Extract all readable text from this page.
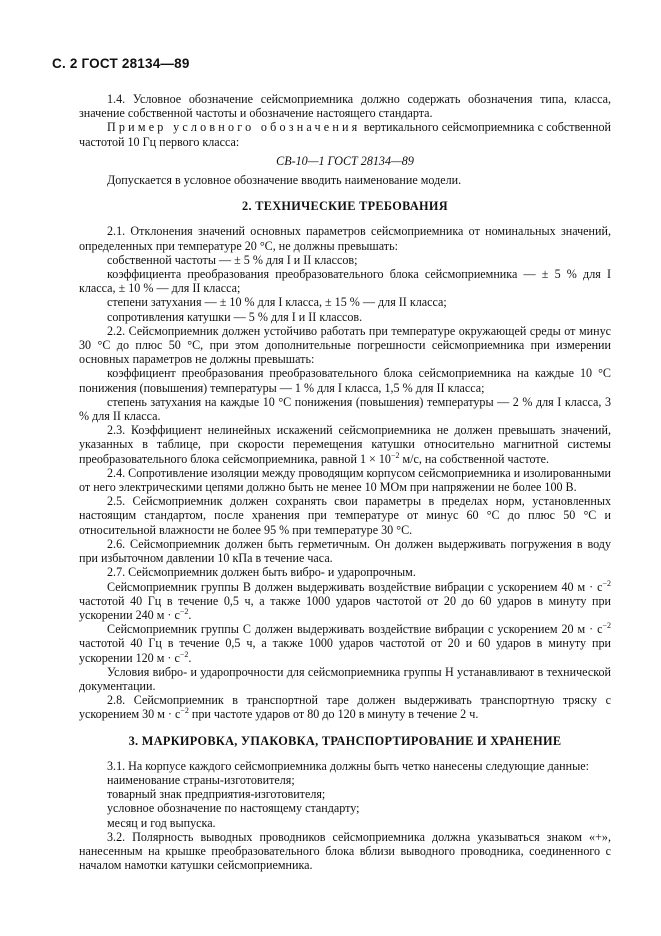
С. 2 ГОСТ 28134—89

1.4. Условное обозначение сейсмоприемника должно содержать обозначения типа, класса, значение собственной частоты и обозначение настоящего стандарта.

Пример условного обозначения вертикального сейсмоприемника с собственной частотой 10 Гц первого класса:

СВ-10—1 ГОСТ 28134—89

Допускается в условное обозначение вводить наименование модели.

2. ТЕХНИЧЕСКИЕ ТРЕБОВАНИЯ

2.1. Отклонения значений основных параметров сейсмоприемника от номинальных значений, определенных при температуре 20 °С, не должны превышать:

собственной частоты — ± 5 % для I и II классов;

коэффициента преобразования преобразовательного блока сейсмоприемника — ± 5 % для I класса, ± 10 % — для II класса;

степени затухания — ± 10 % для I класса, ± 15 % — для II класса;

сопротивления катушки — 5 % для I и II классов.

2.2. Сейсмоприемник должен устойчиво работать при температуре окружающей среды от минус 30 °С до плюс 50 °С, при этом дополнительные погрешности сейсмоприемника при измерении основных параметров не должны превышать:

коэффициент преобразования преобразовательного блока сейсмоприемника на каждые 10 °С понижения (повышения) температуры — 1 % для I класса, 1,5 % для II класса;

степень затухания на каждые 10 °С понижения (повышения) температуры — 2 % для I класса, 3 % для II класса.

2.3. Коэффициент нелинейных искажений сейсмоприемника не должен превышать значений, указанных в таблице, при скорости перемещения катушки относительно магнитной системы преобразовательного блока сейсмоприемника, равной $1 \times 10^{-2}$ м/с, на собственной частоте.

2.4. Сопротивление изоляции между проводящим корпусом сейсмоприемника и изолированными от него электрическими цепями должно быть не менее 10 МОм при напряжении не более 100 В.

2.5. Сейсмоприемник должен сохранять свои параметры в пределах норм, установленных настоящим стандартом, после хранения при температуре от минус 60 °С до плюс 50 °С и относительной влажности не более 95 % при температуре 30 °С.

2.6. Сейсмоприемник должен быть герметичным. Он должен выдерживать погружения в воду при избыточном давлении 10 кПа в течение часа.

2.7. Сейсмоприемник должен быть вибро- и ударопрочным.

Сейсмоприемник группы В должен выдерживать воздействие вибрации с ускорением 40 $м \cdot с^{-2}$ частотой 40 Гц в течение 0,5 ч, а также 1000 ударов частотой от 20 до 60 ударов в минуту при ускорении 240 $м \cdot с^{-2}$.

Сейсмоприемник группы С должен выдерживать воздействие вибрации с ускорением 20 $м \cdot с^{-2}$ частотой 40 Гц в течение 0,5 ч, а также 1000 ударов частотой от 20 и 60 ударов в минуту при ускорении 120 $м \cdot с^{-2}$.

Условия вибро- и ударопрочности для сейсмоприемника группы Н устанавливают в технической документации.

2.8. Сейсмоприемник в транспортной таре должен выдерживать транспортную тряску с ускорением 30 $м \cdot с^{-2}$ при частоте ударов от 80 до 120 в минуту в течение 2 ч.

3. МАРКИРОВКА, УПАКОВКА, ТРАНСПОРТИРОВАНИЕ И ХРАНЕНИЕ

3.1. На корпусе каждого сейсмоприемника должны быть четко нанесены следующие данные:

наименование страны-изготовителя;

товарный знак предприятия-изготовителя;

условное обозначение по настоящему стандарту;

месяц и год выпуска.

3.2. Полярность выводных проводников сейсмоприемника должна указываться знаком «+», нанесенным на крышке преобразовательного блока вблизи выводного проводника, соединенного с началом намотки катушки сейсмоприемника.
